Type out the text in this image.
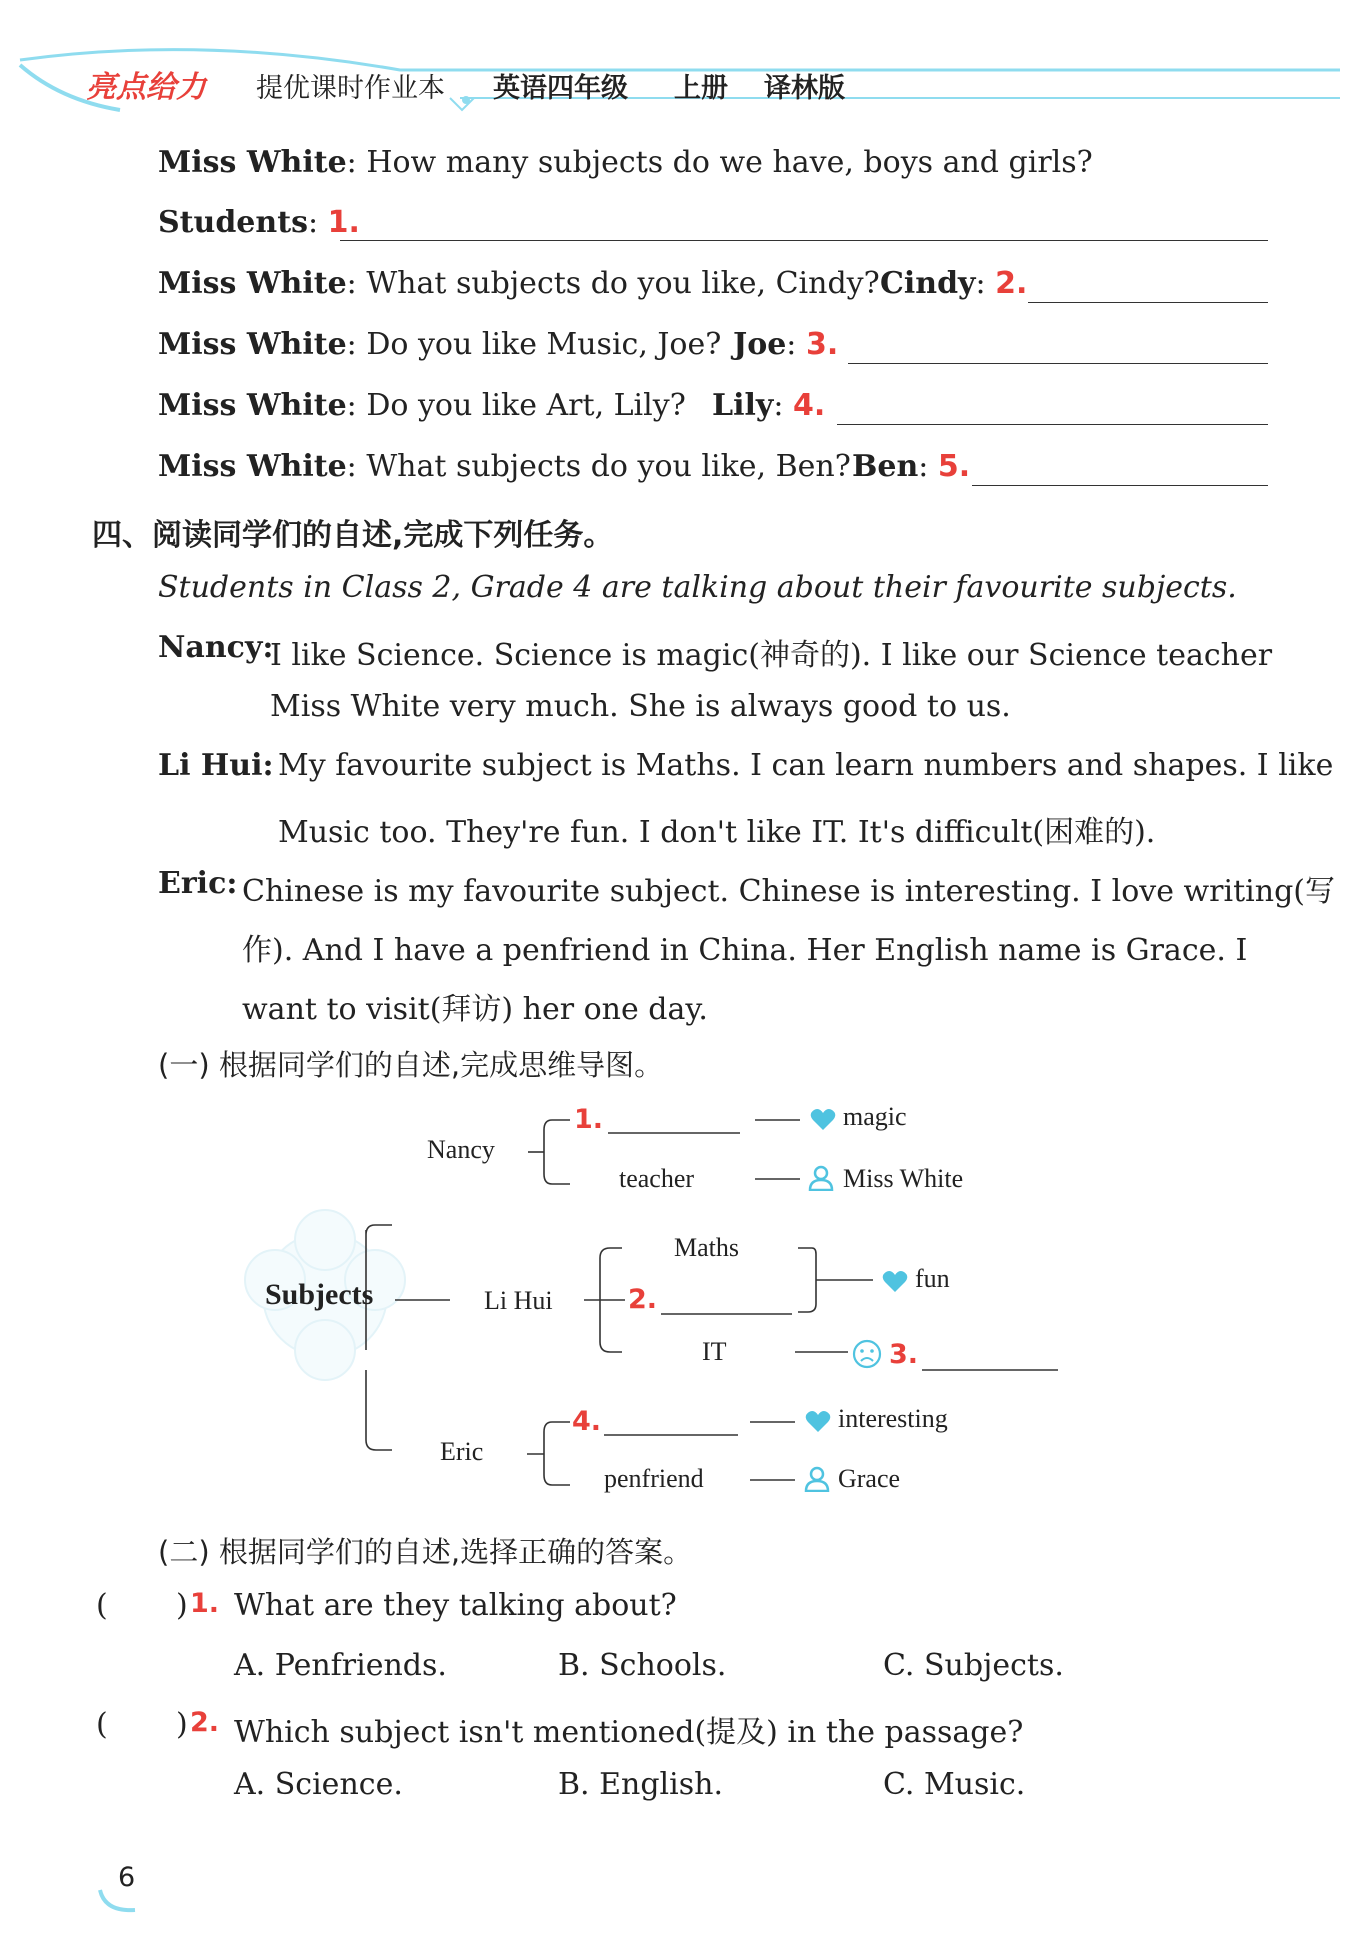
亮点给力 提优课时作业本 英语四年级 上册 译林版
Miss White: How many subjects do we have, boys and girls?
Students: 1.
Miss White: What subjects do you like, Cindy? Cindy: 2.
Miss White: Do you like Music, Joe? Joe: 3.
Miss White: Do you like Art, Lily? Lily: 4.
Miss White: What subjects do you like, Ben? Ben: 5.
四、阅读同学们的自述,完成下列任务。
Students in Class 2, Grade 4 are talking about their favourite subjects.
Nancy:
I like Science. Science is magic(神奇的). I like our Science teacher
Miss White very much. She is always good to us.
Li Hui: My favourite subject is Maths. I can learn numbers and shapes. I like
Music too. They're fun. I don't like IT. It's difficult(困难的).
Eric: Chinese is my favourite subject. Chinese is interesting. I love writing(写
作). And I have a penfriend in China. Her English name is Grace. I
want to visit(拜访) her one day.
(一) 根据同学们的自述,完成思维导图。
Subjects
Nancy
1.	magic
teacher	Miss White
Li Hui
Maths
2.
fun
IT	3.
Eric
4.	interesting
penfriend	Grace
(二) 根据同学们的自述,选择正确的答案。
( ) 1. What are they talking about?
A. Penfriends.	B. Schools.	C. Subjects.
( ) 2. Which subject isn't mentioned(提及) in the passage?
A. Science.	B. English.	C. Music.
6
